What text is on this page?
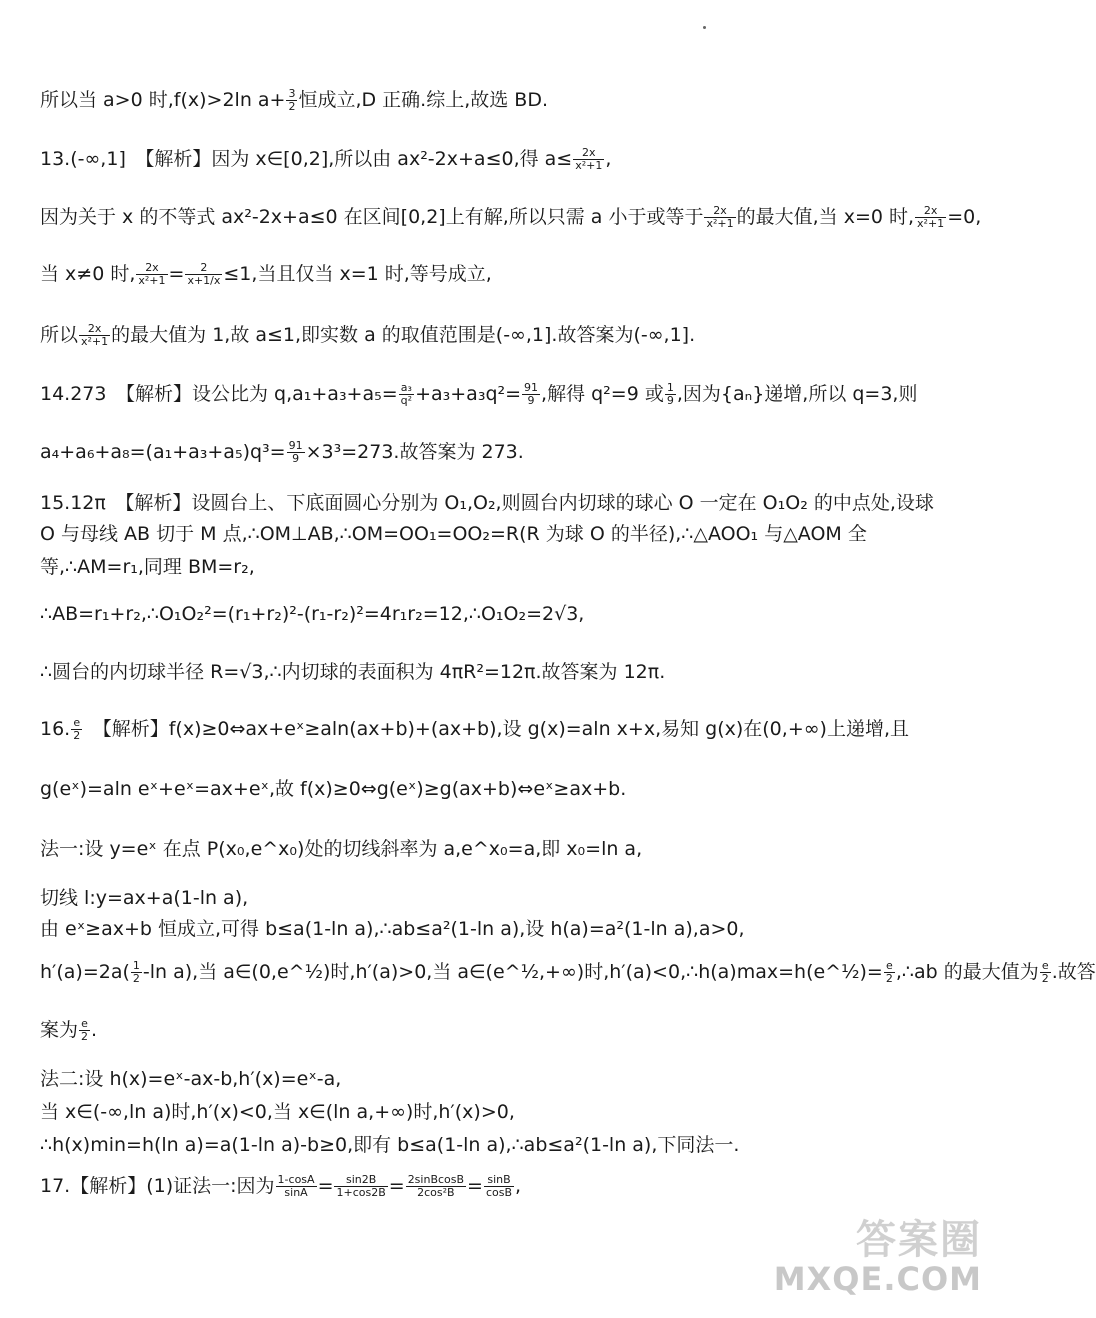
所以当 a>0 时,f(x)>2ln $a+ \frac{3}{2}$ 恒成立,D 正确.综上,故选 BD.
13.(-∞,1]　【解析】因为 x∈[0,2],所以由 ax²-2x+a≤0,得 $a\le \frac{2x}{\text{x²+1}}$ ,
因为关于 x 的不等式 ax²-2x+a≤0 在区间[0,2]上有解,所以只需 a 小于或等于 $\frac{2x}{\text{x²+1}}$ 的最大值,当 x=0 时, $\frac{2x}{\text{x²+1}} =0$,
当 x≠0 时, $\frac{2x}{\text{x²+1}} = \frac{2}{x+1/x} \le 1$,当且仅当 x=1 时,等号成立,
所以 $\frac{2x}{\text{x²+1}}$ 的最大值为 1,故 a≤1,即实数 a 的取值范围是(-∞,1].故答案为(-∞,1].
14.273　【解析】设公比为 $q,a_1+a_3+a_5= \frac{\text{a₃}}{\text{q²}} +a_3+a_3q^2= \frac{91}{9}$ ,解得 q²=9 或 $\frac{1}{9}$ ,因为{aₙ}递增,所以 q=3,则
$a_4+a_6+a_8=(a_1+a_3+a_5)q^3= \frac{91}{9} \times 3^3=273$.故答案为 273.
15.12π　【解析】设圆台上、下底面圆心分别为 O₁,O₂,则圆台内切球的球心 O 一定在 O₁O₂ 的中点处,设球
O 与母线 AB 切于 M 点,∴OM⊥AB,∴OM=OO₁=OO₂=R(R 为球 O 的半径),∴△AOO₁ 与△AOM 全
等,∴AM=r₁,同理 BM=r₂,
∴AB=r₁+r₂,∴O₁O₂²=(r₁+r₂)²-(r₁-r₂)²=4r₁r₂=12,∴O₁O₂=2√3,
∴圆台的内切球半径 R=√3,∴内切球的表面积为 4πR²=12π.故答案为 12π.
16. $\frac{e}{2}$ 　【解析】f(x)≥0⇔ax+eˣ≥aln(ax+b)+(ax+b),设 g(x)=aln x+x,易知 g(x)在(0,+∞)上递增,且
g(eˣ)=aln eˣ+eˣ=ax+eˣ,故 f(x)≥0⇔g(eˣ)≥g(ax+b)⇔eˣ≥ax+b.
法一:设 y=eˣ 在点 P(x₀,e^x₀)处的切线斜率为 a,e^x₀=a,即 x₀=ln a,
切线 l:y=ax+a(1-ln a),
由 eˣ≥ax+b 恒成立,可得 b≤a(1-ln a),∴ab≤a²(1-ln a),设 h(a)=a²(1-ln a),a>0,
$h'(a)=2a( \frac{1}{2} -\ln$ a),当 a∈(0,e^½)时,h′(a)>0,当 a∈(e^½,+∞)时,h′(a)<0,∴h(a)max=h(e^½)= $\frac{e}{2}$ ,∴ab 的最大值为 $\frac{e}{2}$ .故答
案为 $\frac{e}{2}$ .
法二:设 h(x)=eˣ-ax-b,h′(x)=eˣ-a,
当 x∈(-∞,ln a)时,h′(x)<0,当 x∈(ln a,+∞)时,h′(x)>0,
∴h(x)min=h(ln a)=a(1-ln a)-b≥0,即有 b≤a(1-ln a),∴ab≤a²(1-ln a),下同法一.
17.【解析】(1)证法一:因为 $\frac{1-\cos A}{\sin A} = \frac{\sin 2B}{1+\cos 2B} = \frac{\text{2sinBcosB}}{\text{2cos²B}} = \frac{\sin B}{\cos B}$ ,
答案圈
MXQE.COM
